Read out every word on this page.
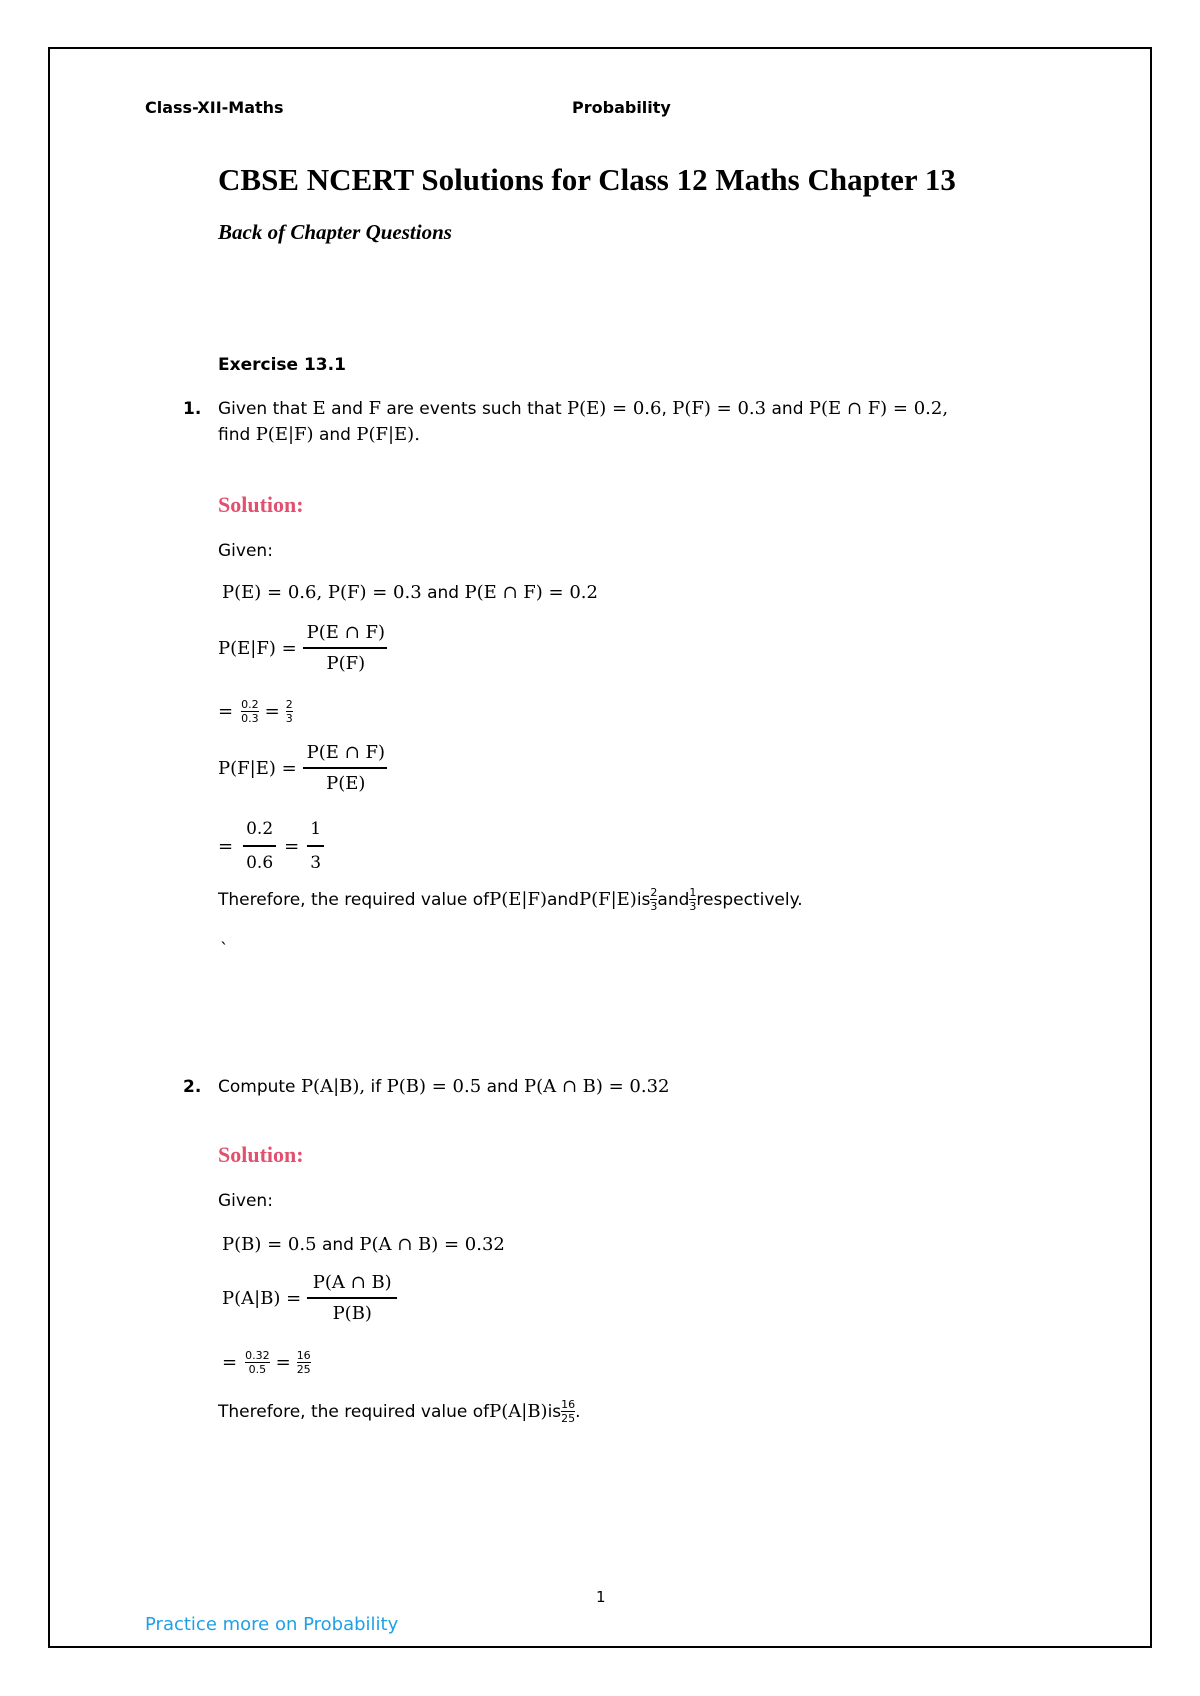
Class-XII-Maths	Probability
CBSE NCERT Solutions for Class 12 Maths Chapter 13
Back of Chapter Questions
Exercise 13.1
1. Given that E and F are events such that P(E) = 0.6, P(F) = 0.3 and P(E ∩ F) = 0.2,
find P(E|F) and P(F|E).
Solution:
Given:
P(E) = 0.6, P(F) = 0.3 and P(E ∩ F) = 0.2
$P(E|F) = \frac{P(E \cap F)}{P(F)}$
= $\frac{0.2}{0.3} = \frac{2}{3}$
$P(F|E) = \frac{P(E \cap F)}{P(E)}$
= $\frac{0.2}{0.6} = \frac{1}{3}$
Therefore, the required value of P(E|F) and P(F|E) is $\frac{2}{3}$ and $\frac{1}{3}$ respectively.
`
2. Compute P(A|B), if P(B) = 0.5 and P(A ∩ B) = 0.32
Solution:
Given:
P(B) = 0.5 and P(A ∩ B) = 0.32
$P(A|B) = \frac{P(A \cap B)}{P(B)}$
= $\frac{0.32}{0.5} = \frac{16}{25}$
Therefore, the required value of P(A|B) is $\frac{16}{25}$ .
1
Practice more on Probability
